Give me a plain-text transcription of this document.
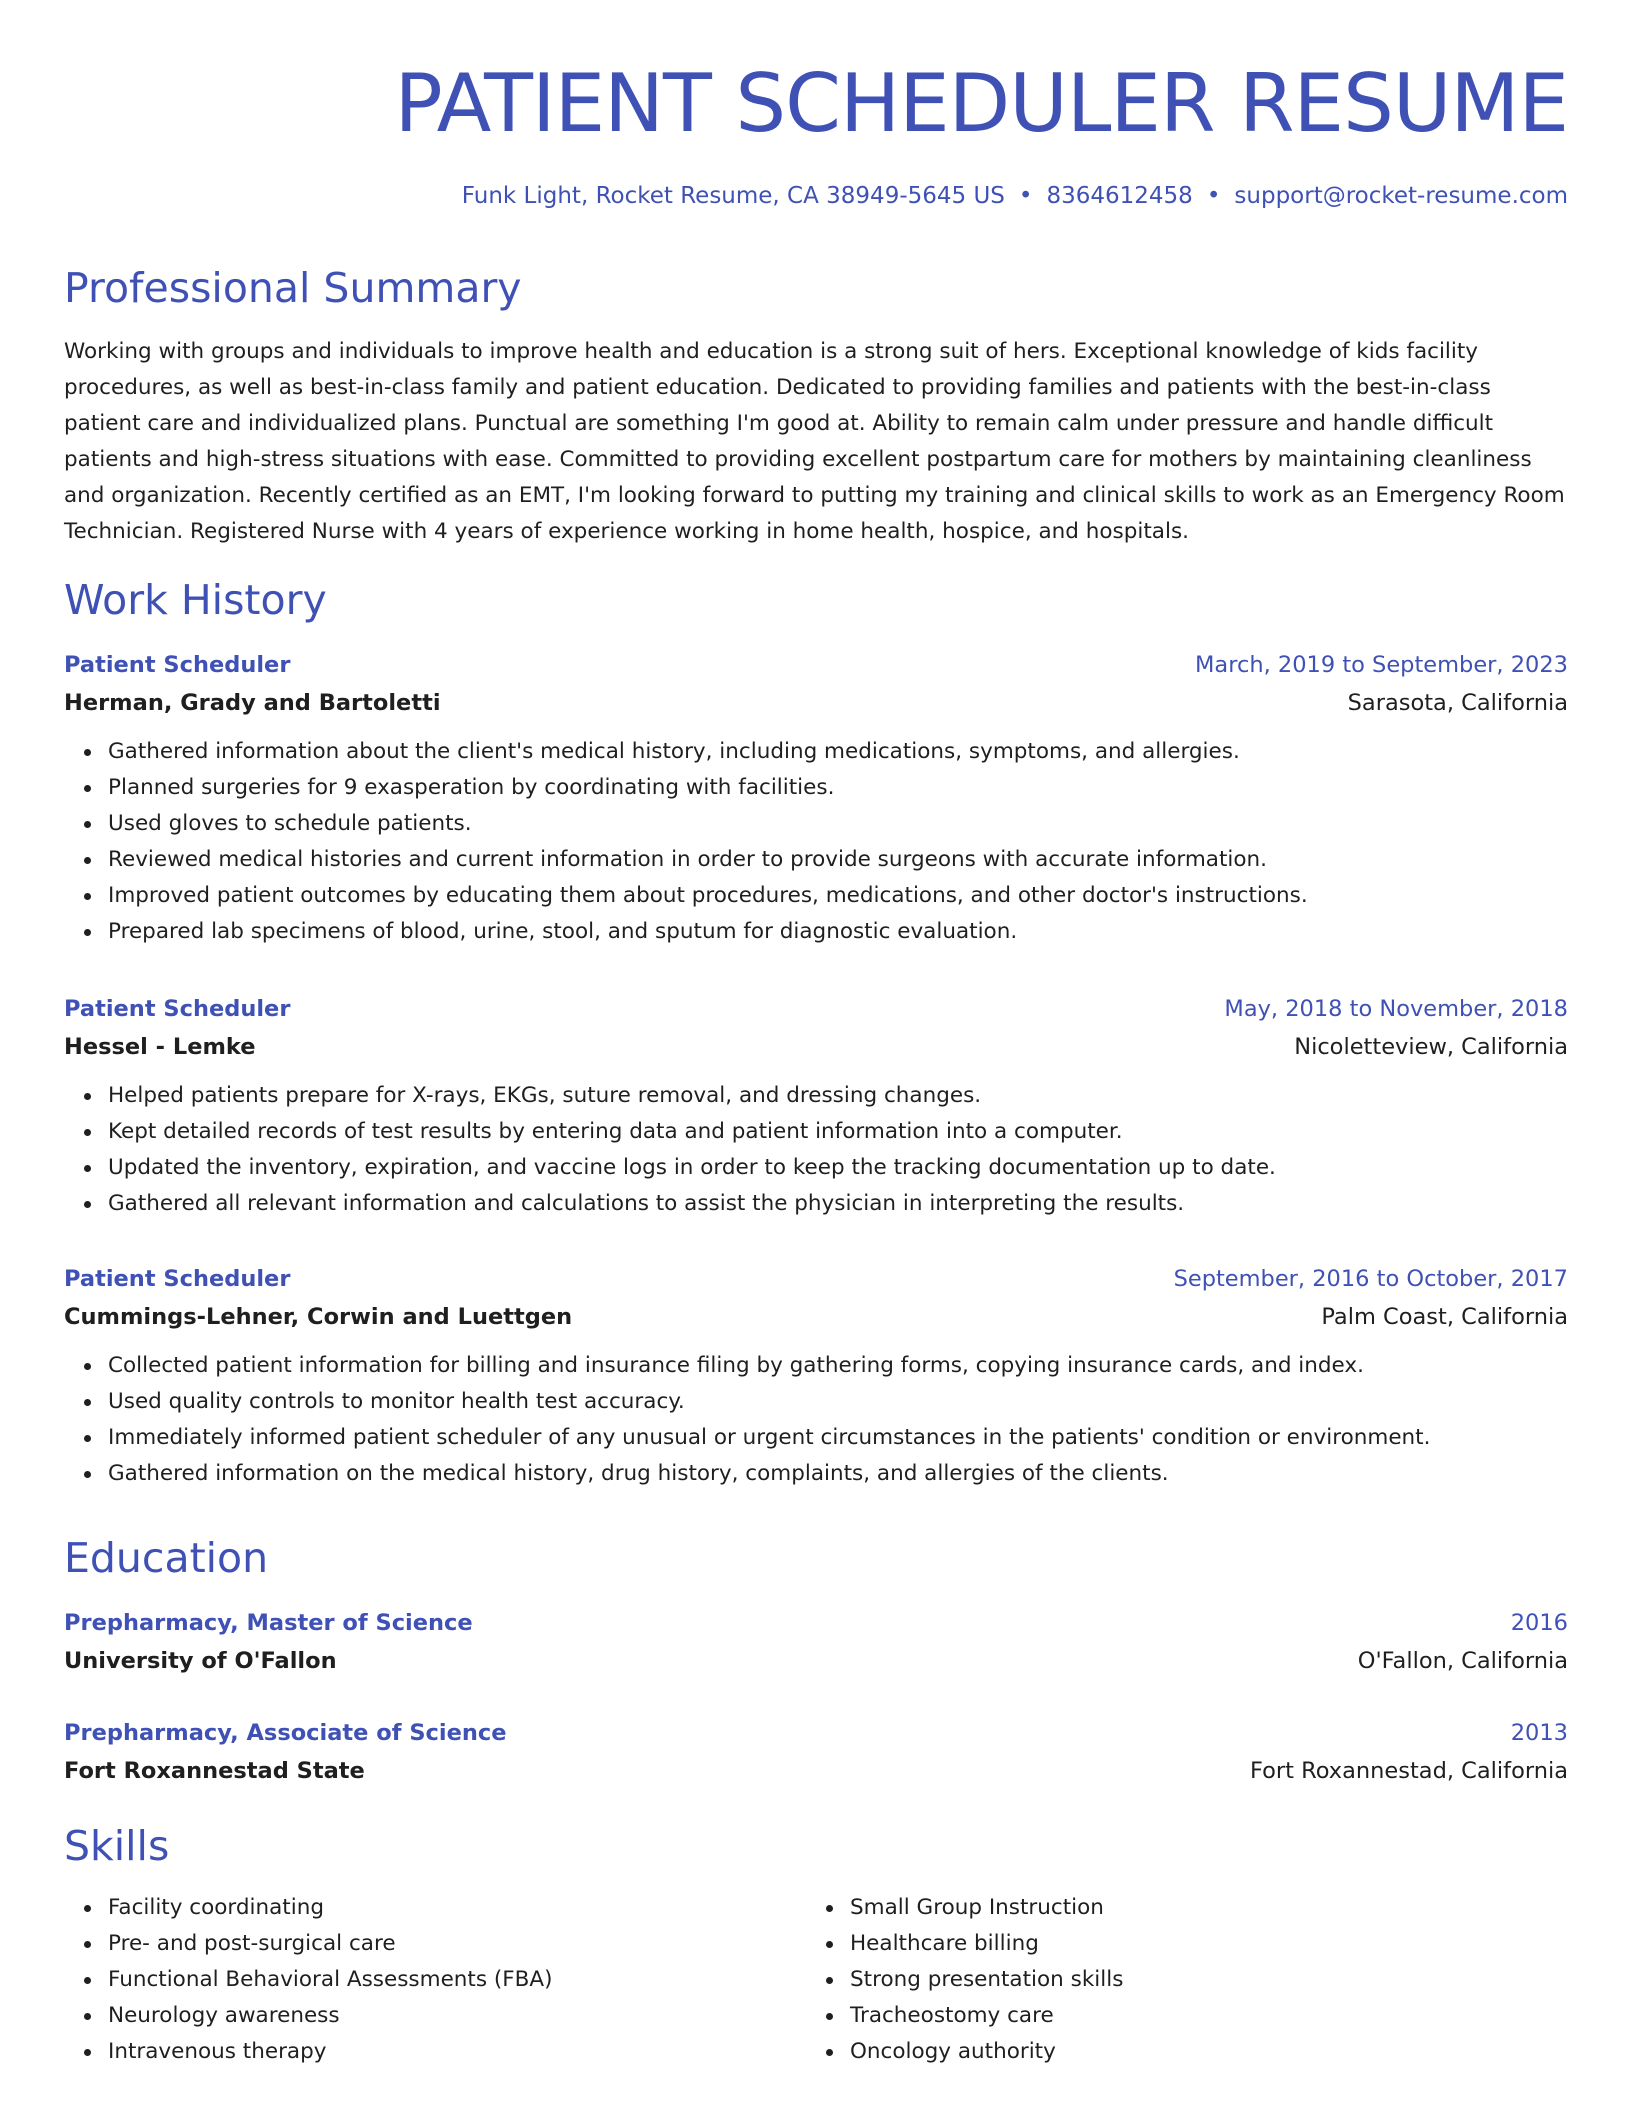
PATIENT SCHEDULER RESUME
Funk Light, Rocket Resume, CA 38949-5645 US • 8364612458 • support@rocket-resume.com
Professional Summary

Working with groups and individuals to improve health and education is a strong suit of hers. Exceptional knowledge of kids facility procedures, as well as best-in-class family and patient education. Dedicated to providing families and patients with the best-in-class patient care and individualized plans. Punctual are something I'm good at. Ability to remain calm under pressure and handle difficult patients and high-stress situations with ease. Committed to providing excellent postpartum care for mothers by maintaining cleanliness and organization. Recently certified as an EMT, I'm looking forward to putting my training and clinical skills to work as an Emergency Room Technician. Registered Nurse with 4 years of experience working in home health, hospice, and hospitals.

Work History
Patient Scheduler	March, 2019 to September, 2023
Herman, Grady and Bartoletti	Sarasota, California
Gathered information about the client's medical history, including medications, symptoms, and allergies.
Planned surgeries for 9 exasperation by coordinating with facilities.
Used gloves to schedule patients.
Reviewed medical histories and current information in order to provide surgeons with accurate information.
Improved patient outcomes by educating them about procedures, medications, and other doctor's instructions.
Prepared lab specimens of blood, urine, stool, and sputum for diagnostic evaluation.
Patient Scheduler	May, 2018 to November, 2018
Hessel - Lemke	Nicoletteview, California
Helped patients prepare for X-rays, EKGs, suture removal, and dressing changes.
Kept detailed records of test results by entering data and patient information into a computer.
Updated the inventory, expiration, and vaccine logs in order to keep the tracking documentation up to date.
Gathered all relevant information and calculations to assist the physician in interpreting the results.
Patient Scheduler	September, 2016 to October, 2017
Cummings-Lehner, Corwin and Luettgen	Palm Coast, California
Collected patient information for billing and insurance filing by gathering forms, copying insurance cards, and index.
Used quality controls to monitor health test accuracy.
Immediately informed patient scheduler of any unusual or urgent circumstances in the patients' condition or environment.
Gathered information on the medical history, drug history, complaints, and allergies of the clients.
Education
Prepharmacy, Master of Science	2016
University of O'Fallon	O'Fallon, California
Prepharmacy, Associate of Science	2013
Fort Roxannestad State	Fort Roxannestad, California
Skills
Facility coordinating
Pre- and post-surgical care
Functional Behavioral Assessments (FBA)
Neurology awareness
Intravenous therapy
Small Group Instruction
Healthcare billing
Strong presentation skills
Tracheostomy care
Oncology authority
